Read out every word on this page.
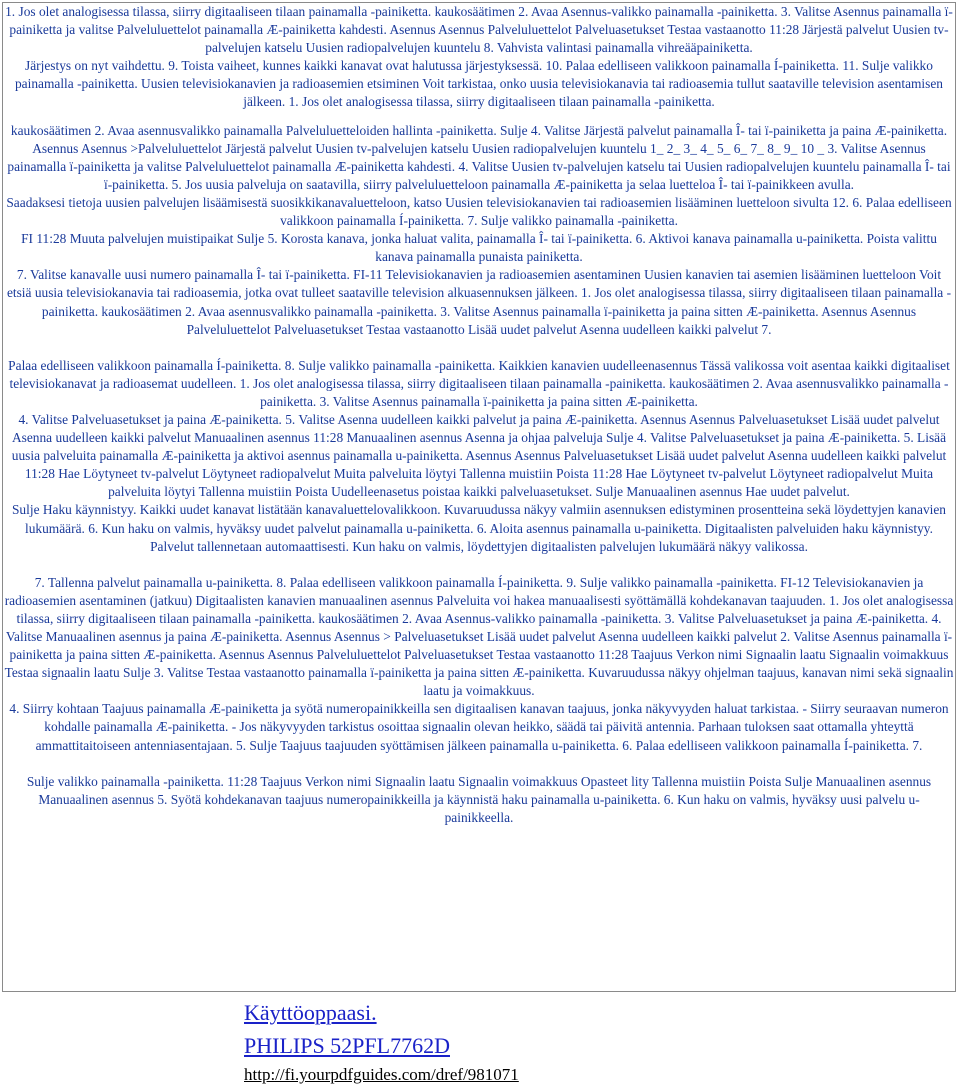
1. Jos olet analogisessa tilassa, siirry digitaaliseen tilaan painamalla -painiketta. kaukosäätimen 2. Avaa Asennus-valikko painamalla -painiketta. 3. Valitse Asennus painamalla ï-painiketta ja valitse Palveluluettelot painamalla Æ-painiketta kahdesti. Asennus Asennus Palveluluettelot Palveluasetukset Testaa vastaanotto 11:28 Järjestä palvelut Uusien tv-palvelujen katselu Uusien radiopalvelujen kuuntelu 8. Vahvista valintasi painamalla vihreääpainiketta.

Järjestys on nyt vaihdettu. 9. Toista vaiheet, kunnes kaikki kanavat ovat halutussa järjestyksessä. 10. Palaa edelliseen valikkoon painamalla Í-painiketta. 11. Sulje valikko painamalla -painiketta. Uusien televisiokanavien ja radioasemien etsiminen Voit tarkistaa, onko uusia televisiokanavia tai radioasemia tullut saataville television asentamisen jälkeen. 1. Jos olet analogisessa tilassa, siirry digitaaliseen tilaan painamalla -painiketta.

kaukosäätimen 2. Avaa asennusvalikko painamalla Palveluluetteloiden hallinta -painiketta. Sulje 4. Valitse Järjestä palvelut painamalla Î- tai ï-painiketta ja paina Æ-painiketta. Asennus Asennus >Palveluluettelot Järjestä palvelut Uusien tv-palvelujen katselu Uusien radiopalvelujen kuuntelu 1_ 2_ 3_ 4_ 5_ 6_ 7_ 8_ 9_ 10 _ 3. Valitse Asennus painamalla ï-painiketta ja valitse Palveluluettelot painamalla Æ-painiketta kahdesti. 4. Valitse Uusien tv-palvelujen katselu tai Uusien radiopalvelujen kuuntelu painamalla Î- tai ï-painiketta. 5. Jos uusia palveluja on saatavilla, siirry palveluluetteloon painamalla Æ-painiketta ja selaa luetteloa Î- tai ï-painikkeen avulla.

Saadaksesi tietoja uusien palvelujen lisäämisestä suosikkikanavaluetteloon, katso Uusien televisiokanavien tai radioasemien lisääminen luetteloon sivulta 12. 6. Palaa edelliseen valikkoon painamalla Í-painiketta. 7. Sulje valikko painamalla -painiketta.

FI 11:28 Muuta palvelujen muistipaikat Sulje 5. Korosta kanava, jonka haluat valita, painamalla Î- tai ï-painiketta. 6. Aktivoi kanava painamalla u-painiketta. Poista valittu kanava painamalla punaista painiketta.

7. Valitse kanavalle uusi numero painamalla Î- tai ï-painiketta. FI-11 Televisiokanavien ja radioasemien asentaminen Uusien kanavien tai asemien lisääminen luetteloon Voit etsiä uusia televisiokanavia tai radioasemia, jotka ovat tulleet saataville television alkuasennuksen jälkeen. 1. Jos olet analogisessa tilassa, siirry digitaaliseen tilaan painamalla -painiketta. kaukosäätimen 2. Avaa asennusvalikko painamalla -painiketta. 3. Valitse Asennus painamalla ï-painiketta ja paina sitten Æ-painiketta. Asennus Asennus Palveluluettelot Palveluasetukset Testaa vastaanotto Lisää uudet palvelut Asenna uudelleen kaikki palvelut 7.

Palaa edelliseen valikkoon painamalla Í-painiketta. 8. Sulje valikko painamalla -painiketta. Kaikkien kanavien uudelleenasennus Tässä valikossa voit asentaa kaikki digitaaliset televisiokanavat ja radioasemat uudelleen. 1. Jos olet analogisessa tilassa, siirry digitaaliseen tilaan painamalla -painiketta. kaukosäätimen 2. Avaa asennusvalikko painamalla -painiketta. 3. Valitse Asennus painamalla ï-painiketta ja paina sitten Æ-painiketta.

4. Valitse Palveluasetukset ja paina Æ-painiketta. 5. Valitse Asenna uudelleen kaikki palvelut ja paina Æ-painiketta. Asennus Asennus Palveluasetukset Lisää uudet palvelut Asenna uudelleen kaikki palvelut Manuaalinen asennus 11:28 Manuaalinen asennus Asenna ja ohjaa palveluja Sulje 4. Valitse Palveluasetukset ja paina Æ-painiketta. 5. Lisää uusia palveluita painamalla Æ-painiketta ja aktivoi asennus painamalla u-painiketta. Asennus Asennus Palveluasetukset Lisää uudet palvelut Asenna uudelleen kaikki palvelut 11:28 Hae Löytyneet tv-palvelut Löytyneet radiopalvelut Muita palveluita löytyi Tallenna muistiin Poista 11:28 Hae Löytyneet tv-palvelut Löytyneet radiopalvelut Muita palveluita löytyi Tallenna muistiin Poista Uudelleenasetus poistaa kaikki palveluasetukset. Sulje Manuaalinen asennus Hae uudet palvelut.

Sulje Haku käynnistyy. Kaikki uudet kanavat listätään kanavaluettelovalikkoon. Kuvaruudussa näkyy valmiin asennuksen edistyminen prosentteina sekä löydettyjen kanavien lukumäärä. 6. Kun haku on valmis, hyväksy uudet palvelut painamalla u-painiketta. 6. Aloita asennus painamalla u-painiketta. Digitaalisten palveluiden haku käynnistyy. Palvelut tallennetaan automaattisesti. Kun haku on valmis, löydettyjen digitaalisten palvelujen lukumäärä näkyy valikossa.

7. Tallenna palvelut painamalla u-painiketta. 8. Palaa edelliseen valikkoon painamalla Í-painiketta. 9. Sulje valikko painamalla -painiketta. FI-12 Televisiokanavien ja radioasemien asentaminen (jatkuu) Digitaalisten kanavien manuaalinen asennus Palveluita voi hakea manuaalisesti syöttämällä kohdekanavan taajuuden. 1. Jos olet analogisessa tilassa, siirry digitaaliseen tilaan painamalla -painiketta. kaukosäätimen 2. Avaa Asennus-valikko painamalla -painiketta. 3. Valitse Palveluasetukset ja paina Æ-painiketta. 4. Valitse Manuaalinen asennus ja paina Æ-painiketta. Asennus Asennus > Palveluasetukset Lisää uudet palvelut Asenna uudelleen kaikki palvelut 2. Valitse Asennus painamalla ï-painiketta ja paina sitten Æ-painiketta. Asennus Asennus Palveluluettelot Palveluasetukset Testaa vastaanotto 11:28 Taajuus Verkon nimi Signaalin laatu Signaalin voimakkuus Testaa signaalin laatu Sulje 3. Valitse Testaa vastaanotto painamalla ï-painiketta ja paina sitten Æ-painiketta. Kuvaruudussa näkyy ohjelman taajuus, kanavan nimi sekä signaalin laatu ja voimakkuus.

4. Siirry kohtaan Taajuus painamalla Æ-painiketta ja syötä numeropainikkeilla sen digitaalisen kanavan taajuus, jonka näkyvyyden haluat tarkistaa. - Siirry seuraavan numeron kohdalle painamalla Æ-painiketta. - Jos näkyvyyden tarkistus osoittaa signaalin olevan heikko, säädä tai päivitä antennia. Parhaan tuloksen saat ottamalla yhteyttä ammattitaitoiseen antenniasentajaan. 5. Sulje Taajuus taajuuden syöttämisen jälkeen painamalla u-painiketta. 6. Palaa edelliseen valikkoon painamalla Í-painiketta. 7.

Sulje valikko painamalla -painiketta. 11:28 Taajuus Verkon nimi Signaalin laatu Signaalin voimakkuus Opasteet lity Tallenna muistiin Poista Sulje Manuaalinen asennus Manuaalinen asennus 5. Syötä kohdekanavan taajuus numeropainikkeilla ja käynnistä haku painamalla u-painiketta. 6. Kun haku on valmis, hyväksy uusi palvelu u-painikkeella.

Käyttöoppaasi.
PHILIPS 52PFL7762D
http://fi.yourpdfguides.com/dref/981071
